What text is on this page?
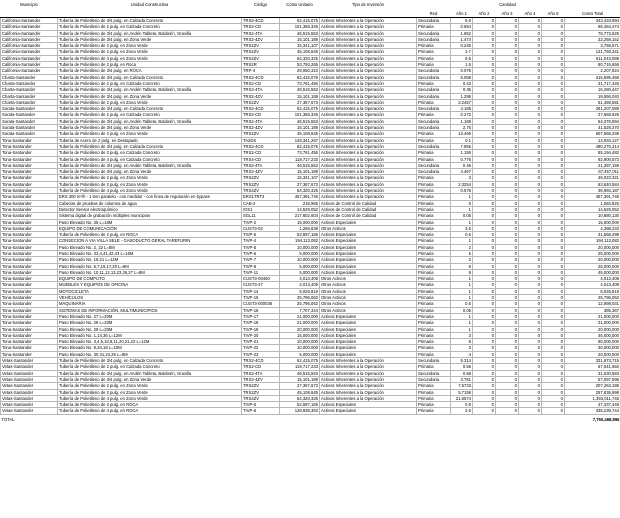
Municipio	Unidad Constructiva	Código	Costo Unitario	Tipo de Inversión		Cantidad					
					Red	Año 1	Año 2	Año 3	Año 4	Año 5	Costo Total
California-Santander	Tubería de Polietileno de 3/4 pulg. en Calzada Concreto	TRS2-4CD	62,415,075	Activos Inherentes a la Operación	Secundaria	5.5	0	0	0	0	343,433,994
California-Santander	Tubería de Polietileno de 2 pulg. en Calzada Concreto	TRS2-CD	101,356,345	Activos Inherentes a la Operación	Primaria	0.654	0	0	0	0	66,454,474
California-Santander	Tubería de Polietileno de 3/4 pulg. en Andén Tableta, Baldosín, Gravilla	TRS2-4TA	46,515,563	Activos Inherentes a la Operación	Secundaria	1.652	0	0	0	0	76,773,625
California-Santander	Tubería de Polietileno de 3/4 pulg. en Zona Verde	TRS2-4ZV	15,101,189	Activos Inherentes a la Operación	Secundaria	1.474	0	0	0	0	22,258,152
California-Santander	Tubería de Polietileno de 2 pulg. en Zona Verde	TRS2ZV	15,341,107	Activos Inherentes a la Operación	Primaria	0.245	0	0	0	0	3,758,571
California-Santander	Tubería de Polietileno de 2 pulg. en Zona Verde	TRS2ZV	45,108,645	Activos Inherentes a la Operación	Primaria	2.7	0	0	0	0	121,793,341
California-Santander	Tubería de Polietileno de 4 pulg. en Zona Verde	TRS4ZV	64,320,325	Activos Inherentes a la Operación	Primaria	9.5	0	0	0	0	611,043,088
California-Santander	Tubería de Polietileno de 2 pulg. en Roca	TRS2R	53,793,265	Activos Inherentes a la Operación	Primaria	1.5	0	0	0	0	80,715,656
California-Santander	Tubería de Polietileno de 3/4 pulg. en ROCA	TRP-4	29,050,310	Activos Inherentes a la Operación	Secundaria	0.076	0	0	0	0	2,207,824
Charta-Santander	Tubería de Polietileno de 3/4 pulg. en Calzada Concreto	TRS2-4CD	62,415,075	Activos Inherentes a la Operación	Secundaria	5.058	0	0	0	0	315,695,458
Charta-Santander	Tubería de Polietileno de 2 pulg. en Calzada Concreto	TRS2-CD	73,761,456	Activos Inherentes a la Operación	Primaria	0.43	0	0	0	0	31,717,426
Charta-Santander	Tubería de Polietileno de 3/4 pulg. en Andén Tableta, Baldosín, Gravilla	TRS2-4TA	46,515,563	Activos Inherentes a la Operación	Secundaria	0.35	0	0	0	0	16,280,447
Charta-Santander	Tubería de Polietileno de 3/4 pulg. en Zona Verde	TRS2-4ZV	15,101,189	Activos Inherentes a la Operación	Secundaria	1.295	0	0	0	0	19,556,040
Charta-Santander	Tubería de Polietileno de 2 pulg. en Zona Verde	TRS2ZV	27,367,673	Activos Inherentes a la Operación	Primaria	2.2457	0	0	0	0	61,459,581
Surata-Santander	Tubería de Polietileno de 3/4 pulg. en Calzada Concreto	TRS2-4CD	62,415,075	Activos Inherentes a la Operación	Secundaria	4.185	0	0	0	0	261,207,089
Surata-Santander	Tubería de Polietileno de 2 pulg. en Calzada Concreto	TRS2-CD	101,356,345	Activos Inherentes a la Operación	Primaria	0.272	0	0	0	0	27,568,926
Surata-Santander	Tubería de Polietileno de 3/4 pulg. en Andén Tableta, Baldosín, Gravilla	TRS2-4TA	46,515,563	Activos Inherentes a la Operación	Secundaria	1.169	0	0	0	0	54,376,694
Surata-Santander	Tubería de Polietileno de 3/4 pulg. en Zona Verde	TRS2-4ZV	15,101,189	Activos Inherentes a la Operación	Secundaria	2.75	0	0	0	0	41,528,270
Surata-Santander	Tubería de Polietileno de 2 pulg. en Zona Verde	TRS2ZV	45,108,645	Activos Inherentes a la Operación	Primaria	13.469	0	0	0	0	607,568,339
Tona-Santander	Tubería de Acero de 2 pulg. en Destapado	TA2DS	149,341,267	Activos Inherentes a la Operación	Primaria	0.1	0	0	0	0	14,934,127
Tona-Santander	Tubería de Polietileno de 3/4 pulg. en Calzada Concreto	TRS2-4CD	62,415,075	Activos Inherentes a la Operación	Secundaria	7.855	0	0	0	0	490,270,414
Tona-Santander	Tubería de Polietileno de 2 pulg. en Calzada Concreto	TRS2-CD	73,761,456	Activos Inherentes a la Operación	Primaria	1.155	0	0	0	0	85,194,482
Tona-Santander	Tubería de Polietileno de 4 pulg. en Calzada Concreto	TRS4-CD	119,717,233	Activos Inherentes a la Operación	Primaria	0.776	0	0	0	0	92,900,573
Tona-Santander	Tubería de Polietileno de 3/4 pulg. en Andén Tableta, Baldosín, Gravilla	TRS2-4TA	46,515,563	Activos Inherentes a la Operación	Secundaria	0.46	0	0	0	0	21,397,159
Tona-Santander	Tubería de Polietileno de 3/4 pulg. en Zona Verde	TRS2-4ZV	15,101,189	Activos Inherentes a la Operación	Secundaria	4.467	0	0	0	0	67,457,011
Tona-Santander	Tubería de Polietileno de 2 pulg. en Zona Verde	TRS2ZV	15,341,107	Activos Inherentes a la Operación	Primaria	3	0	0	0	0	46,023,321
Tona-Santander	Tubería de Polietileno de 2 pulg. en Zona Verde	TRS2ZV	27,367,673	Activos Inherentes a la Operación	Primaria	2.3254	0	0	0	0	63,640,584
Tona-Santander	Tubería de Polietileno de 4 pulg. en Zona Verde	TRS4ZV	64,320,325	Activos Inherentes a la Operación	Primaria	0.575	0	0	0	0	36,984,187
Tona-Santander	ERS 300 m³/h - 1 tren paralelo - con medidor - con línea de regulación en bypass	ERS1TRT3	457,391,746	Activos Inherentes a la Operación	Primaria	1	0	0	0	0	457,391,746
Tona-Santander	Cabezas de pruebas de columna de agua	CAB-2	216,965	Activos de Control de Calidad	Primaria	5	0	0	0	0	1,084,825
Tona-Santander	Detector Sensor electroquímico	IOS1	14,529,052	Activos de Control de Calidad	Primaria	1	0	0	0	0	14,529,052
Tona-Santander	Sistema digital de grabación múltiples municipios	SGL11	217,602,604	Activos de Control de Calidad	Primaria	0.05	0	0	0	0	10,880,130
Tona-Santander	Paso Elevado No. 35 L=16M	TIVP-2	15,000,000	Activos Especiales	Primaria	1	0	0	0	0	15,000,000
Tona-Santander	EQUIPO DE COMUNICACIÓN	CUST3-02	1,256,638	Otros Activos	Primaria	3.5	0	0	0	0	4,398,233
Tona-Santander	Tubería de Polietileno de 2 pulg. en ROCA	TIVP-5	52,597,165	Activos Especiales	Primaria	0.6	0	0	0	0	31,558,299
Tona-Santander	CONSECION A VIA VILLA SELE - GASODUCTO GERAL TAREFURIN	TIVP-4	194,113,082	Activos Especiales	Primaria	1	0	0	0	0	194,113,082
Tona-Santander	Paso Elevado No. 2, 22 L=8M	TIVP-5	10,000,000	Activos Especiales	Primaria	2	0	0	0	0	20,000,000
Tona-Santander	Paso Elevado No. 33,4,41,42,43 L=16M	TIVP-6	5,000,000	Activos Especiales	Primaria	5	0	0	0	0	25,000,000
Tona-Santander	Paso Elevado No. 19,21 L=12M	TIVP-7	10,000,000	Activos Especiales	Primaria	2	0	0	0	0	20,000,000
Tona-Santander	Paso Elevado No. 6,7,15,17,20 L=8M	TIVP-8	5,000,000	Activos Especiales	Primaria	5	0	0	0	0	25,000,000
Tona-Santander	Paso Elevado No. 10,11,12,13,23,26,27 L=8M	TIVP-11	5,000,000	Activos Especiales	Primaria	9	0	0	0	0	45,000,000
Tona-Santander	EQUIPO DE COMPUTO	CUST3-00460	4,013,409	Otros Activos	Primaria	1	0	0	0	0	4,013,409
Tona-Santander	MUEBLES Y EQUIPOS DE OFICINA	CUST3-27	4,013,409	Otros Activos	Primaria	1	0	0	0	0	4,013,409
Tona-Santander	MOTOCICLETA	TIVP-14	8,026,819	Otros Activos	Primaria	1	0	0	0	0	8,026,819
Tona-Santander	VEHÍCULOS	TIVP-15	25,796,062	Otros Activos	Primaria	1	0	0	0	0	25,796,062
Tona-Santander	MAQUINARIA	CUST3-000036	25,796,062	Otros Activos	Primaria	0.5	0	0	0	0	12,898,031
Tona-Santander	SISTEMAS DE INFORMACIÓN, MULTIMUNICIPIOS	TIVP-16	7,707,344	Otros Activos	Primaria	0.05	0	0	0	0	385,367
Tona-Santander	Paso Elevado No. 27 L=20M	TIVP-17	21,000,000	Activos Especiales	Primaria	1	0	0	0	0	21,000,000
Tona-Santander	Paso Elevado No. 28 L=20M	TIVP-18	21,000,000	Activos Especiales	Primaria	1	0	0	0	0	21,000,000
Tona-Santander	Paso Elevado No. 29 L=20M	TIVP-19	20,000,000	Activos Especiales	Primaria	1	0	0	0	0	20,000,000
Tona-Santander	Paso Elevado No. 1,14,36 L=12M	TIVP-20	15,000,000	Activos Especiales	Primaria	3	0	0	0	0	45,000,000
Tona-Santander	Paso Elevado No. 3,4,5,10,8,11,20,21,22 L=12M	TIVP-21	10,000,000	Activos Especiales	Primaria	9	0	0	0	0	90,000,000
Tona-Santander	Paso Elevado No. 9,34,18 L=10M	TIVP-22	10,000,000	Activos Especiales	Primaria	3	0	0	0	0	30,000,000
Tona-Santander	Paso Elevado No. 30,31,24,25 L=8M	TIVP-23	5,000,000	Activos Especiales	Primaria	4	0	0	0	0	20,000,000
Vetas-Santander	Tubería de Polietileno de 3/4 pulg. en Calzada Concreto	TRS2-4CD	62,415,075	Activos Inherentes a la Operación	Secundaria	5.314	0	0	0	0	331,673,715
Vetas-Santander	Tubería de Polietileno de 2 pulg. en Calzada Concreto	TRS2-CD	119,717,233	Activos Inherentes a la Operación	Primaria	0.56	0	0	0	0	67,041,650
Vetas-Santander	Tubería de Polietileno de 3/4 pulg. en Andén Tableta, Baldosín, Gravilla	TRS2-4TA	46,515,563	Activos Inherentes a la Operación	Secundaria	0.68	0	0	0	0	31,630,583
Vetas-Santander	Tubería de Polietileno de 3/4 pulg. en Zona Verde	TRS2-4ZV	15,101,189	Activos Inherentes a la Operación	Secundaria	3.781	0	0	0	0	57,097,596
Vetas-Santander	Tubería de Polietileno de 2 pulg. en Zona Verde	TRS2ZV	27,367,673	Activos Inherentes a la Operación	Primaria	7.5733	0	0	0	0	207,263,198
Vetas-Santander	Tubería de Polietileno de 2 pulg. en Zona Verde	TRS2ZV	45,108,645	Activos Inherentes a la Operación	Primaria	5.7159	0	0	0	0	257,836,998
Vetas-Santander	Tubería de Polietileno de 4 pulg. en Zona Verde	TRS4ZV	64,320,325	Activos Inherentes a la Operación	Primaria	21.6574	0	0	0	0	1,393,011,745
Vetas-Santander	Tubería de Polietileno de 2 pulg. en ROCA	TIVP-5	52,597,165	Activos Especiales	Primaria	0.9	0	0	0	0	47,337,449
Vetas-Santander	Tubería de Polietileno de 4 pulg. en ROCA	TIVP-6	128,938,363	Activos Especiales	Primaria	2.6	0	0	0	0	335,239,744
TOTAL											7,750,468,896
